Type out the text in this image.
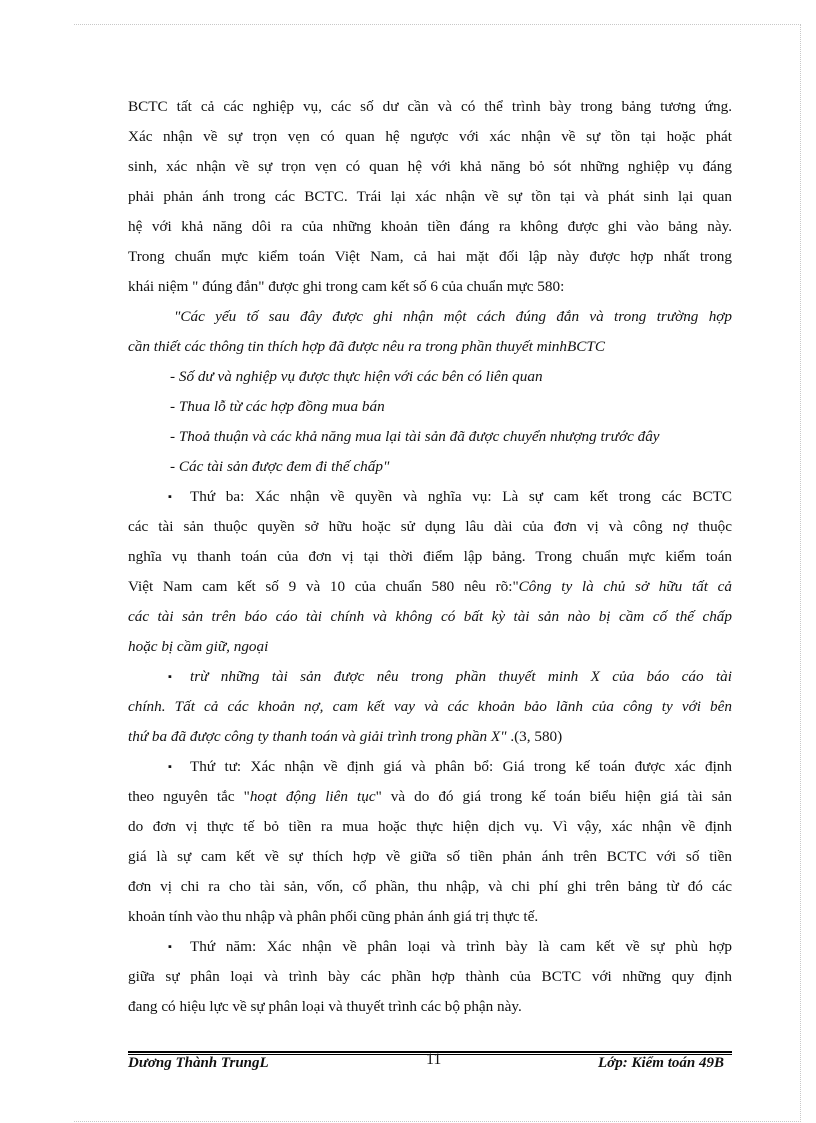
BCTC tất cả các nghiệp vụ, các số dư cần và có thể trình bày trong bảng tương ứng.
Xác nhận về sự trọn vẹn có quan hệ ngược với xác nhận về sự tồn tại hoặc phát
sinh, xác nhận về sự trọn vẹn có quan hệ với khả năng bỏ sót những nghiệp vụ đáng
phải phản ánh trong các BCTC. Trái lại xác nhận về sự tồn tại và phát sinh lại quan
hệ với khả năng dôi ra của những khoản tiền đáng ra không được ghi vào bảng này.
Trong chuẩn mực kiểm toán Việt Nam, cả hai mặt đối lập này được hợp nhất trong
khái niệm " đúng đắn" được ghi trong cam kết số 6 của chuẩn mực 580:
"Các yếu tố sau đây được ghi nhận một cách đúng đắn và trong trường hợp
cần thiết các thông tin thích hợp đã được nêu ra trong phần thuyết minhBCTC
- Số dư và nghiệp vụ được thực hiện với các bên có liên quan
- Thua lỗ từ các hợp đồng mua bán
- Thoả thuận và các khả năng mua lại tài sản đã được chuyển nhượng trước đây
- Các tài sản được đem đi thế chấp"
▪ Thứ ba: Xác nhận về quyền và nghĩa vụ: Là sự cam kết trong các BCTC
các tài sản thuộc quyền sở hữu hoặc sử dụng lâu dài của đơn vị và công nợ thuộc
nghĩa vụ thanh toán của đơn vị tại thời điểm lập bảng. Trong chuẩn mực kiểm toán
Việt Nam cam kết số 9 và 10 của chuẩn 580 nêu rõ:"Công ty là chủ sở hữu tất cả
các tài sản trên báo cáo tài chính và không có bất kỳ tài sản nào bị cầm cố thế chấp
hoặc bị cầm giữ, ngoại
▪ trừ những tài sản được nêu trong phần thuyết minh X của báo cáo tài
chính. Tất cả các khoản nợ, cam kết vay và các khoản bảo lãnh của công ty với bên
thứ ba đã được công ty thanh toán và giải trình trong phần X" .(3, 580)
▪ Thứ tư: Xác nhận về định giá và phân bổ: Giá trong kế toán được xác định
theo nguyên tắc "hoạt động liên tục" và do đó giá trong kế toán biểu hiện giá tài sản
do đơn vị thực tế bỏ tiền ra mua hoặc thực hiện dịch vụ. Vì vậy, xác nhận về định
giá là sự cam kết về sự thích hợp về giữa số tiền phản ánh trên BCTC với số tiền
đơn vị chi ra cho tài sản, vốn, cổ phần, thu nhập, và chi phí ghi trên bảng từ đó các
khoản tính vào thu nhập và phân phối cũng phản ánh giá trị thực tế.
▪ Thứ năm: Xác nhận về phân loại và trình bày là cam kết về sự phù hợp
giữa sự phân loại và trình bày các phần hợp thành của BCTC với những quy định
đang có hiệu lực về sự phân loại và thuyết trình các bộ phận này.
Dương Thành TrungL	11	Lớp: Kiểm toán 49B
